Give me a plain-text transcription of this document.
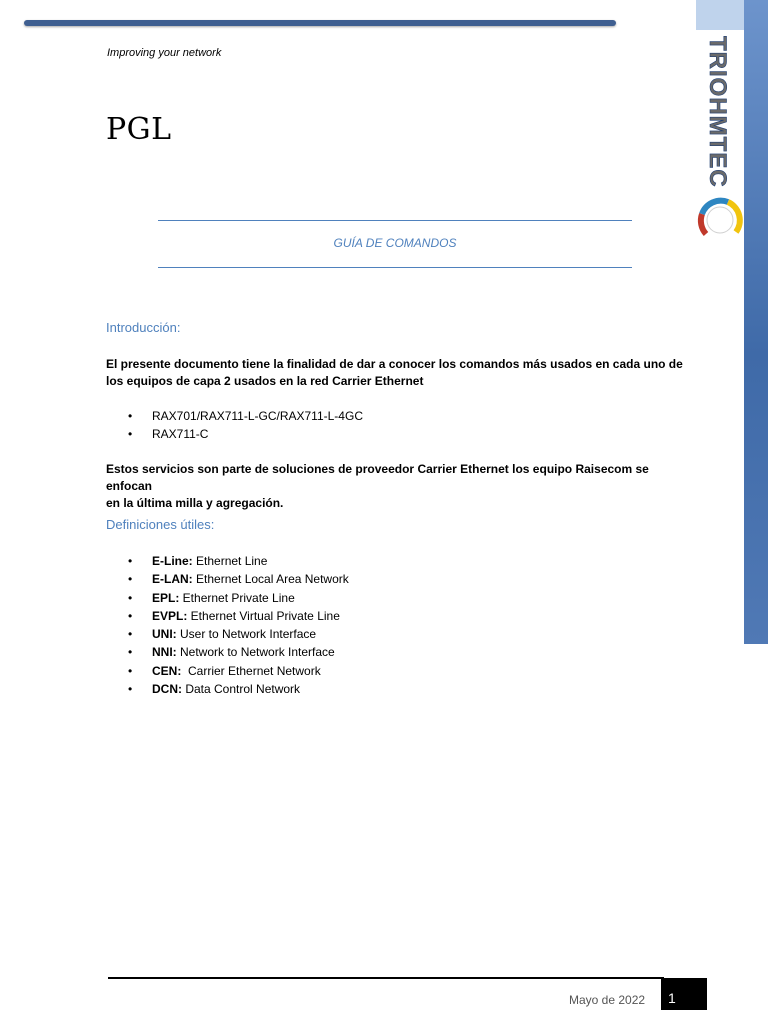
Improving your network
PGL
GUÍA DE COMANDOS
TRIOHMTEC
Introducción:
El presente documento tiene la finalidad de dar a conocer los comandos más usados en cada uno de los equipos de capa 2 usados en la red Carrier Ethernet
• RAX701/RAX711-L-GC/RAX711-L-4GC
• RAX711-C
Estos servicios son parte de soluciones de proveedor Carrier Ethernet los equipo Raisecom se enfocan
en la última milla y agregación.
Definiciones útiles:
• E-Line: Ethernet Line
• E-LAN: Ethernet Local Area Network
• EPL: Ethernet Private Line
• EVPL: Ethernet Virtual Private Line
• UNI: User to Network Interface
• NNI: Network to Network Interface
• CEN:  Carrier Ethernet Network
• DCN: Data Control Network
Mayo de 2022 1
